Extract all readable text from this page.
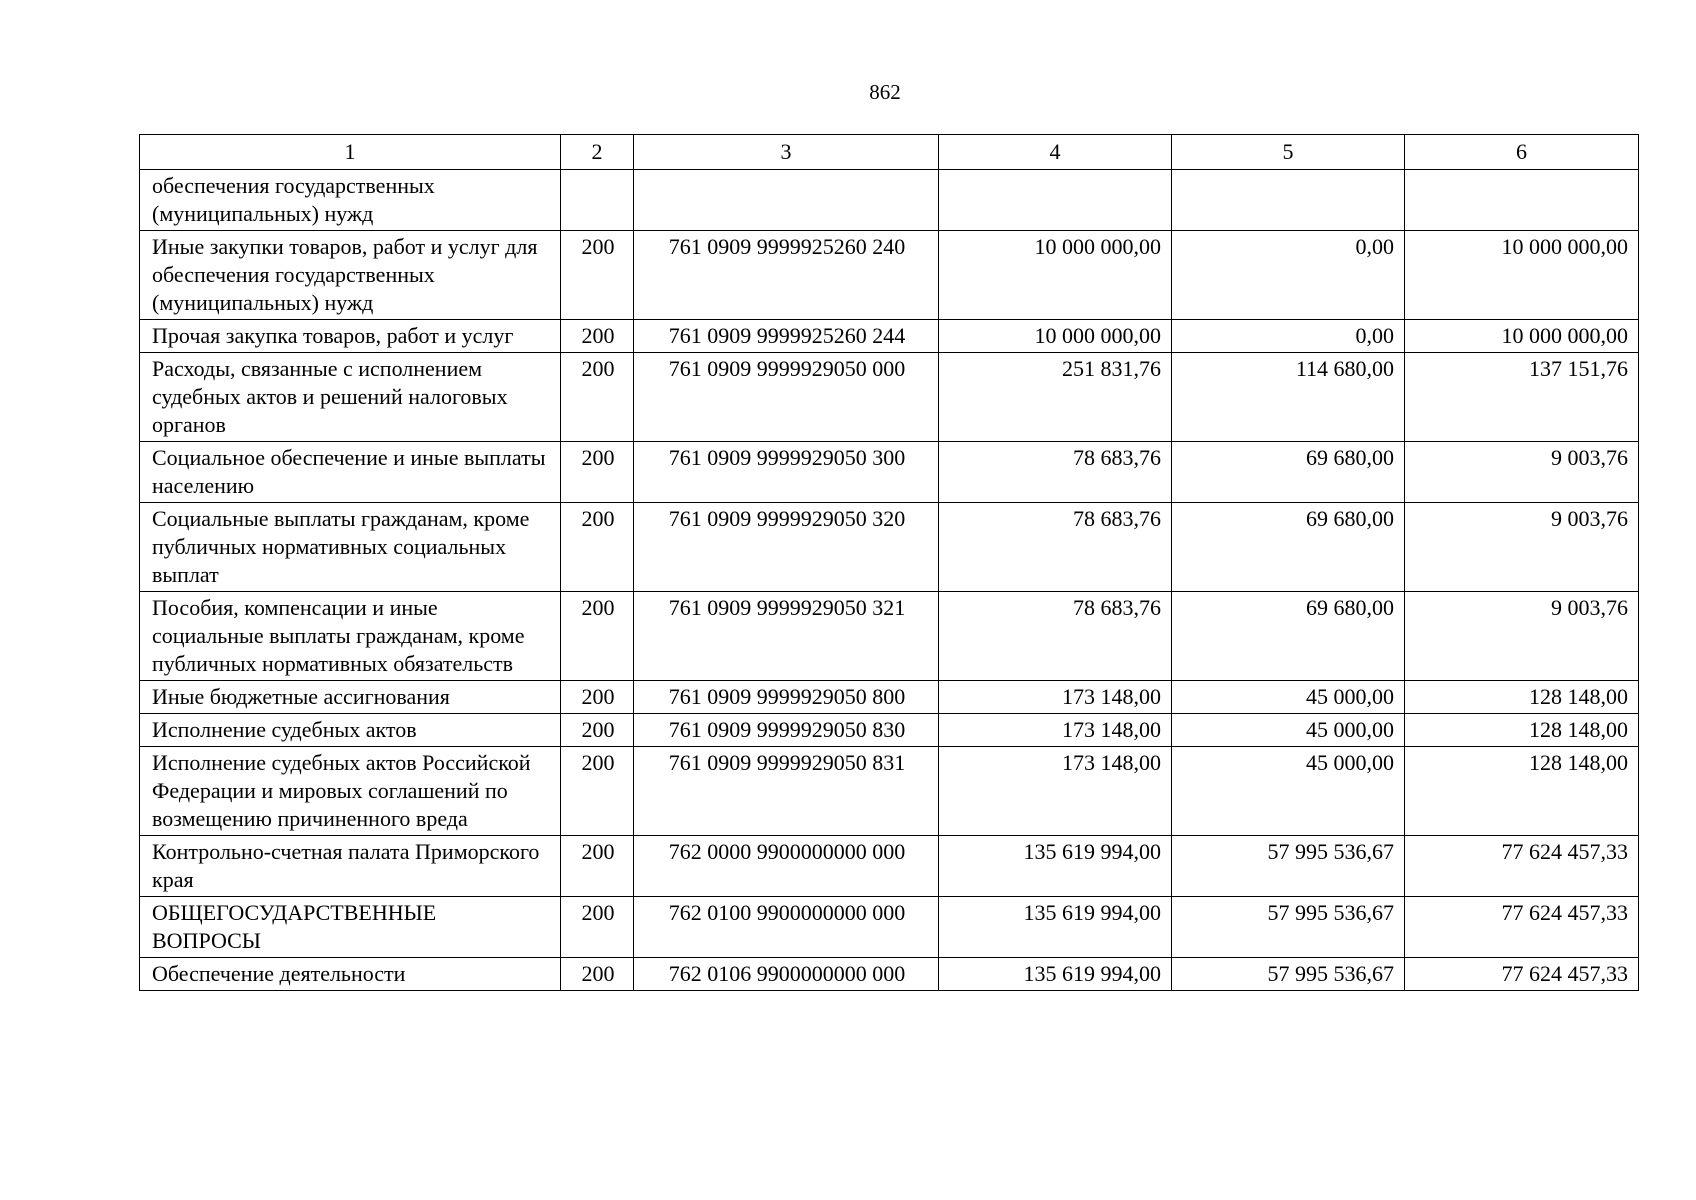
862
1	2	3	4	5	6
обеспечения государственных (муниципальных) нужд					
Иные закупки товаров, работ и услуг для обеспечения государственных (муниципальных) нужд	200	761 0909 9999925260 240	10 000 000,00	0,00	10 000 000,00
Прочая закупка товаров, работ и услуг	200	761 0909 9999925260 244	10 000 000,00	0,00	10 000 000,00
Расходы, связанные с исполнением судебных актов и решений налоговых органов	200	761 0909 9999929050 000	251 831,76	114 680,00	137 151,76
Социальное обеспечение и иные выплаты населению	200	761 0909 9999929050 300	78 683,76	69 680,00	9 003,76
Социальные выплаты гражданам, кроме публичных нормативных социальных выплат	200	761 0909 9999929050 320	78 683,76	69 680,00	9 003,76
Пособия, компенсации и иные социальные выплаты гражданам, кроме публичных нормативных обязательств	200	761 0909 9999929050 321	78 683,76	69 680,00	9 003,76
Иные бюджетные ассигнования	200	761 0909 9999929050 800	173 148,00	45 000,00	128 148,00
Исполнение судебных актов	200	761 0909 9999929050 830	173 148,00	45 000,00	128 148,00
Исполнение судебных актов Российской Федерации и мировых соглашений по возмещению причиненного вреда	200	761 0909 9999929050 831	173 148,00	45 000,00	128 148,00
Контрольно-счетная палата Приморского края	200	762 0000 9900000000 000	135 619 994,00	57 995 536,67	77 624 457,33
ОБЩЕГОСУДАРСТВЕННЫЕ ВОПРОСЫ	200	762 0100 9900000000 000	135 619 994,00	57 995 536,67	77 624 457,33
Обеспечение деятельности	200	762 0106 9900000000 000	135 619 994,00	57 995 536,67	77 624 457,33
